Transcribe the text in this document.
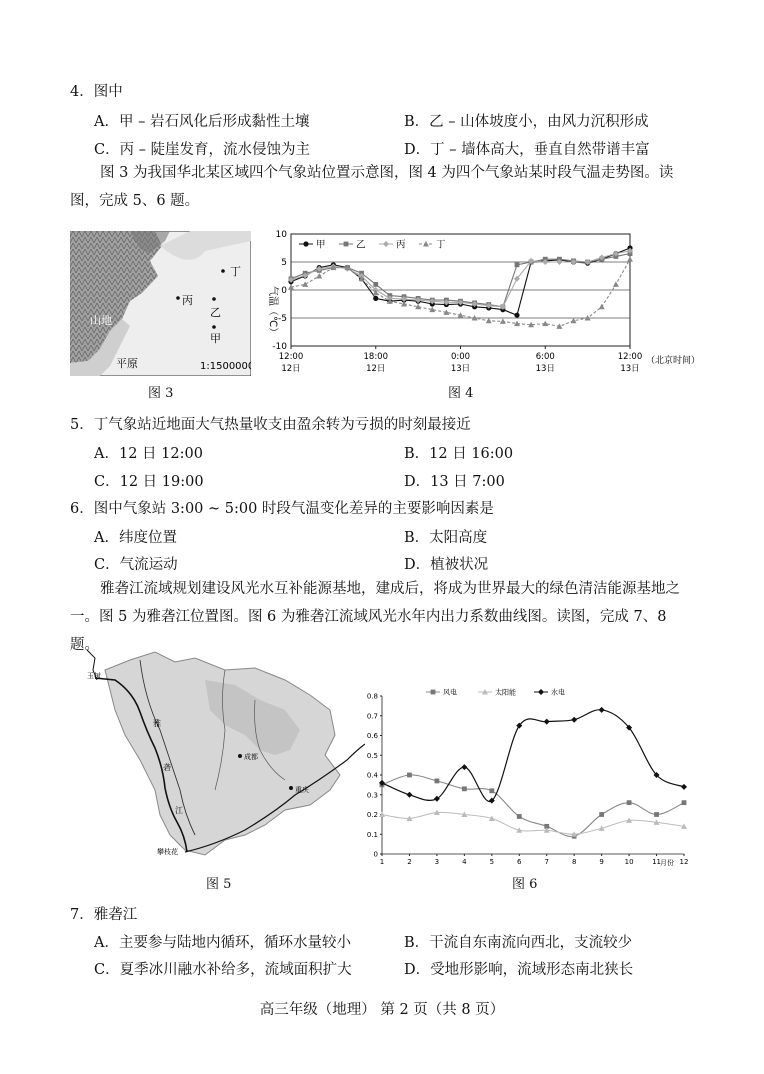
4．图中
A．甲 – 岩石风化后形成黏性土壤	B．乙 – 山体坡度小，由风力沉积形成
C．丙 – 陡崖发育，流水侵蚀为主	D．丁 – 墙体高大，垂直自然带谱丰富
图 3 为我国华北某区域四个气象站位置示意图，图 4 为四个气象站某时段气温走势图。读图，完成 5、6 题。
丁
丙
乙
甲
山地
平原	1:1500000
图 3
气温（℃）
10
5
0
-5
-10
12:00
12日
18:00
12日
0:00
13日
6:00
13日
12:00
13日
甲	乙	丙	丁
（北京时间）
图 4
5．丁气象站近地面大气热量收支由盈余转为亏损的时刻最接近
A．12 日 12:00	B．12 日 16:00
C．12 日 19:00	D．13 日 7:00
6．图中气象站 3:00 ~ 5:00 时段气温变化差异的主要影响因素是
A．纬度位置	B．太阳高度
C．气流运动	D．植被状况
雅砻江流域规划建设风光水互补能源基地，建成后，将成为世界最大的绿色清洁能源基地之一。图 5 为雅砻江位置图。图 6 为雅砻江流域风光水年内出力系数曲线图。读图，完成 7、8 题。
玉树
成都
重庆
攀枝花
雅
砻
江
图 5
0
0.1
0.2
0.3
0.4
0.5
0.6
0.7
0.8
1	2	3	4	5	6	7	8	9	10	11	12
风电	太阳能	水电
月份
图 6
7．雅砻江
A．主要参与陆地内循环，循环水量较小	B．干流自东南流向西北，支流较少
C．夏季冰川融水补给多，流域面积扩大	D．受地形影响，流域形态南北狭长
高三年级（地理） 第 2 页（共 8 页）
